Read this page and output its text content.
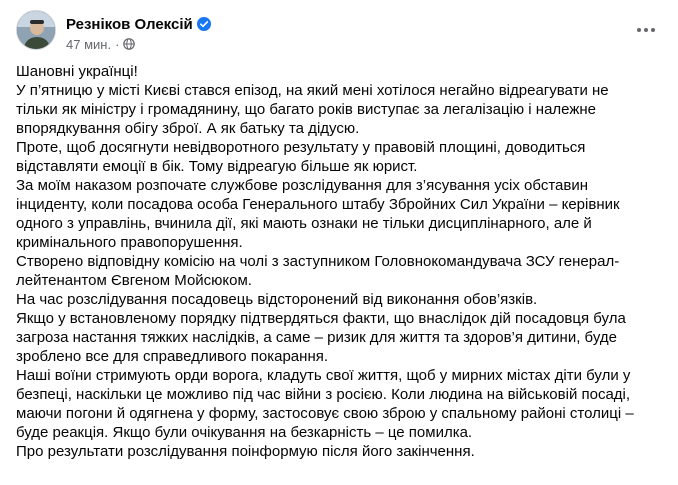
Резніков Олексій
47 мин. ·

Шановні українці!

У п’ятницю у місті Києві стався епізод, на який мені хотілося негайно відреагувати не
тільки як міністру і громадянину, що багато років виступає за легалізацію і належне
впорядкування обігу зброї. А як батьку та дідусю.

Проте, щоб досягнути невідворотного результату у правовій площині, доводиться
відставляти емоції в бік. Тому відреагую більше як юрист.

За моїм наказом розпочате службове розслідування для з’ясування усіх обставин
інциденту, коли посадова особа Генерального штабу Збройних Сил України – керівник
одного з управлінь, вчинила дії, які мають ознаки не тільки дисциплінарного, але й
кримінального правопорушення.

Створено відповідну комісію на чолі з заступником Головнокомандувача ЗСУ генерал-
лейтенантом Євгеном Мойсюком.

На час розслідування посадовець відсторонений від виконання обов’язків.

Якщо у встановленому порядку підтвердяться факти, що внаслідок дій посадовця була
загроза настання тяжких наслідків, а саме – ризик для життя та здоров’я дитини, буде
зроблено все для справедливого покарання.

Наші воїни стримують орди ворога, кладуть свої життя, щоб у мирних містах діти були у
безпеці, наскільки це можливо під час війни з росією. Коли людина на військовій посаді,
маючи погони й одягнена у форму, застосовує свою зброю у спальному районі столиці –
буде реакція. Якщо були очікування на безкарність – це помилка.

Про результати розслідування поінформую після його закінчення.
